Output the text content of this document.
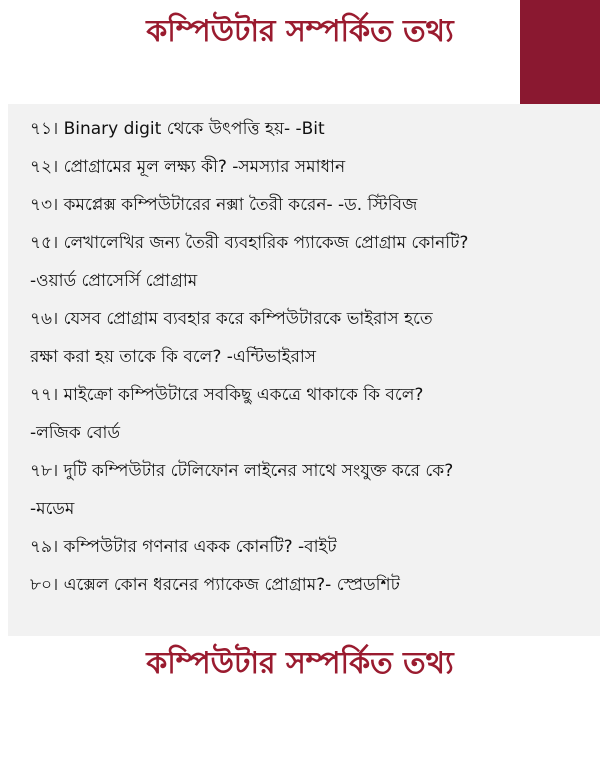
কম্পিউটার সম্পর্কিত তথ্য
৭১। Binary digit থেকে উৎপত্তি হয়- -Bit
৭২। প্রোগ্রামের মূল লক্ষ্য কী? -সমস্যার সমাধান
৭৩। কমপ্লেক্স কম্পিউটারের নক্সা তৈরী করেন- -ড. স্টিবিজ
৭৫। লেখালেখির জন্য তৈরী ব্যবহারিক প্যাকেজ প্রোগ্রাম কোনটি?
-ওয়ার্ড প্রোসের্সি প্রোগ্রাম
৭৬। যেসব প্রোগ্রাম ব্যবহার করে কম্পিউটারকে ভাইরাস হতে
রক্ষা করা হয় তাকে কি বলে? -এন্টিভাইরাস
৭৭। মাইক্রো কম্পিউটারে সবকিছু একত্রে থাকাকে কি বলে?
-লজিক বোর্ড
৭৮। দুটি কম্পিউটার টেলিফোন লাইনের সাথে সংযুক্ত করে কে?
-মডেম
৭৯। কম্পিউটার গণনার একক কোনটি? -বাইট
৮০। এক্সেল কোন ধরনের প্যাকেজ প্রোগ্রাম?- স্প্রেডশিট
কম্পিউটার সম্পর্কিত তথ্য
